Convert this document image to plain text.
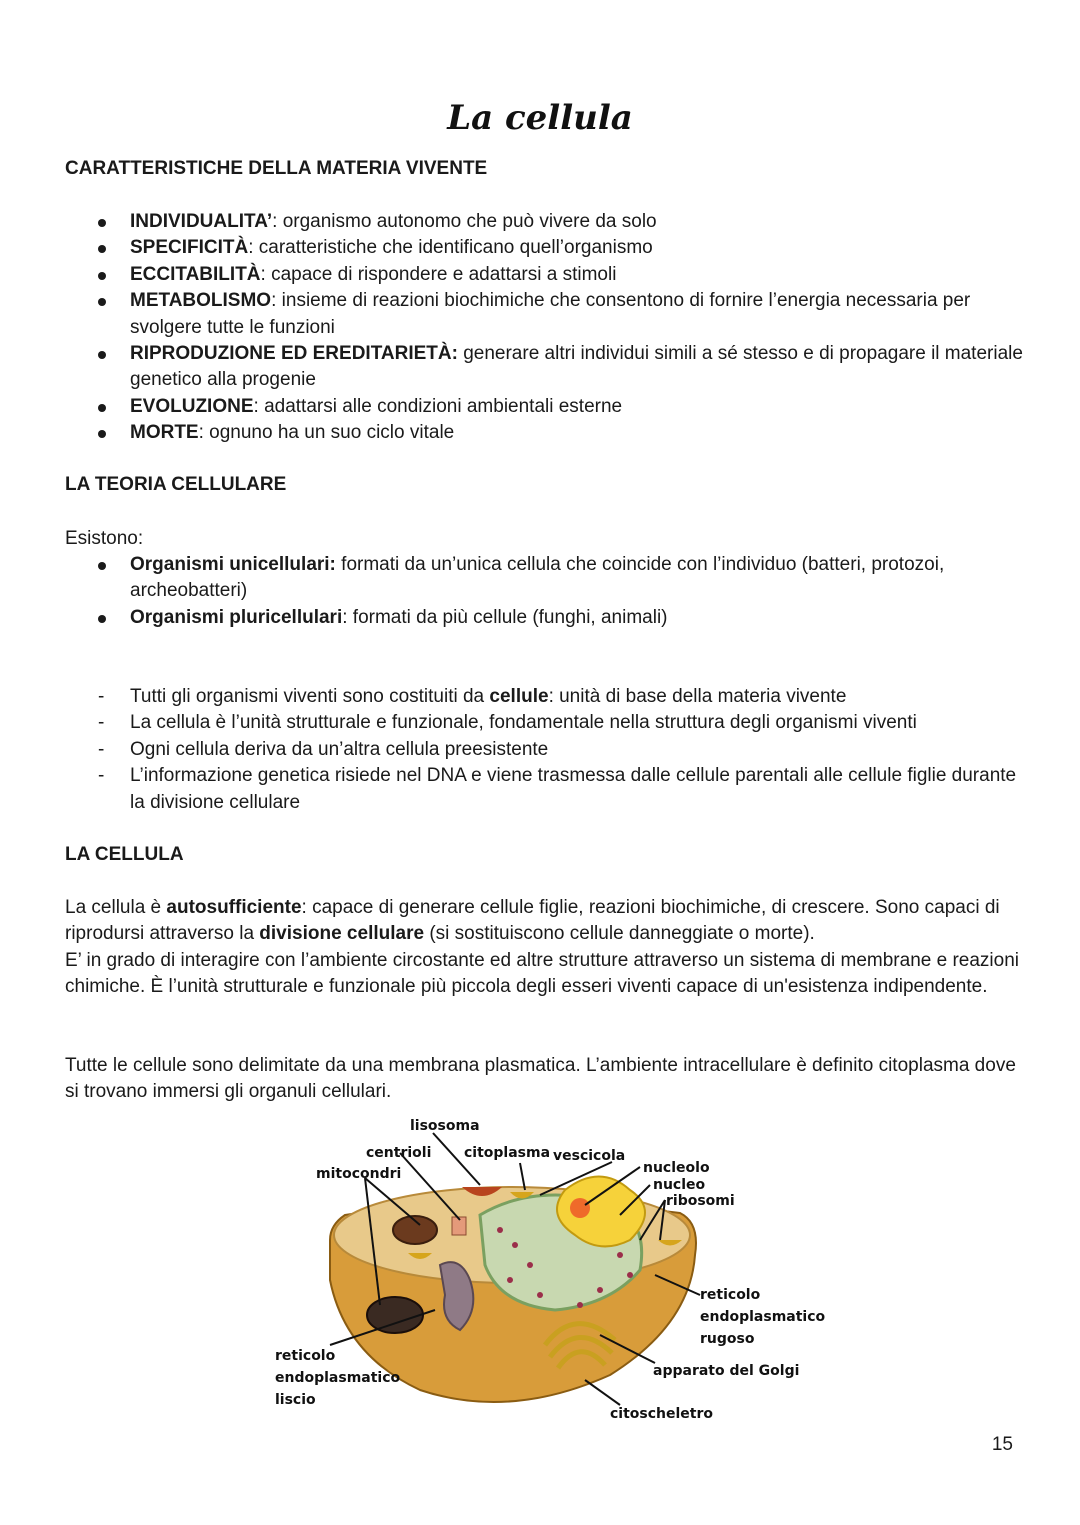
La cellula
CARATTERISTICHE DELLA MATERIA VIVENTE
INDIVIDUALITA’: organismo autonomo che può vivere da solo
SPECIFICITÀ: caratteristiche che identificano quell’organismo
ECCITABILITÀ: capace di rispondere e adattarsi a stimoli
METABOLISMO: insieme di reazioni biochimiche che consentono di fornire l’energia necessaria per svolgere tutte le funzioni
RIPRODUZIONE ED EREDITARIETÀ: generare altri individui simili a sé stesso e di propagare il materiale genetico alla progenie
EVOLUZIONE: adattarsi alle condizioni ambientali esterne
MORTE: ognuno ha un suo ciclo vitale
LA TEORIA CELLULARE

Esistono:

Organismi unicellulari: formati da un’unica cellula che coincide con l’individuo (batteri, protozoi, archeobatteri)
Organismi pluricellulari: formati da più cellule (funghi, animali)
- Tutti gli organismi viventi sono costituiti da cellule: unità di base della materia vivente
- La cellula è l’unità strutturale e funzionale, fondamentale nella struttura degli organismi viventi
- Ogni cellula deriva da un’altra cellula preesistente
- L’informazione genetica risiede nel DNA e viene trasmessa dalle cellule parentali alle cellule figlie durante la divisione cellulare
LA CELLULA

La cellula è autosufficiente: capace di generare cellule figlie, reazioni biochimiche, di crescere. Sono capaci di riprodursi attraverso la divisione cellulare (si sostituiscono cellule danneggiate o morte).
E’ in grado di interagire con l’ambiente circostante ed altre strutture attraverso un sistema di membrane e reazioni chimiche. È l’unità strutturale e funzionale più piccola degli esseri viventi capace di un'esistenza indipendente.

Tutte le cellule sono delimitate da una membrana plasmatica. L’ambiente intracellulare è definito citoplasma dove si trovano immersi gli organuli cellulari.

lisosoma
centrioli citoplasma vescicola
mitocondri	nucleolo
nucleo
ribosomi
reticolo
endoplasmatico
rugoso
apparato del Golgi
reticolo
endoplasmatico
liscio
citoscheletro
15
